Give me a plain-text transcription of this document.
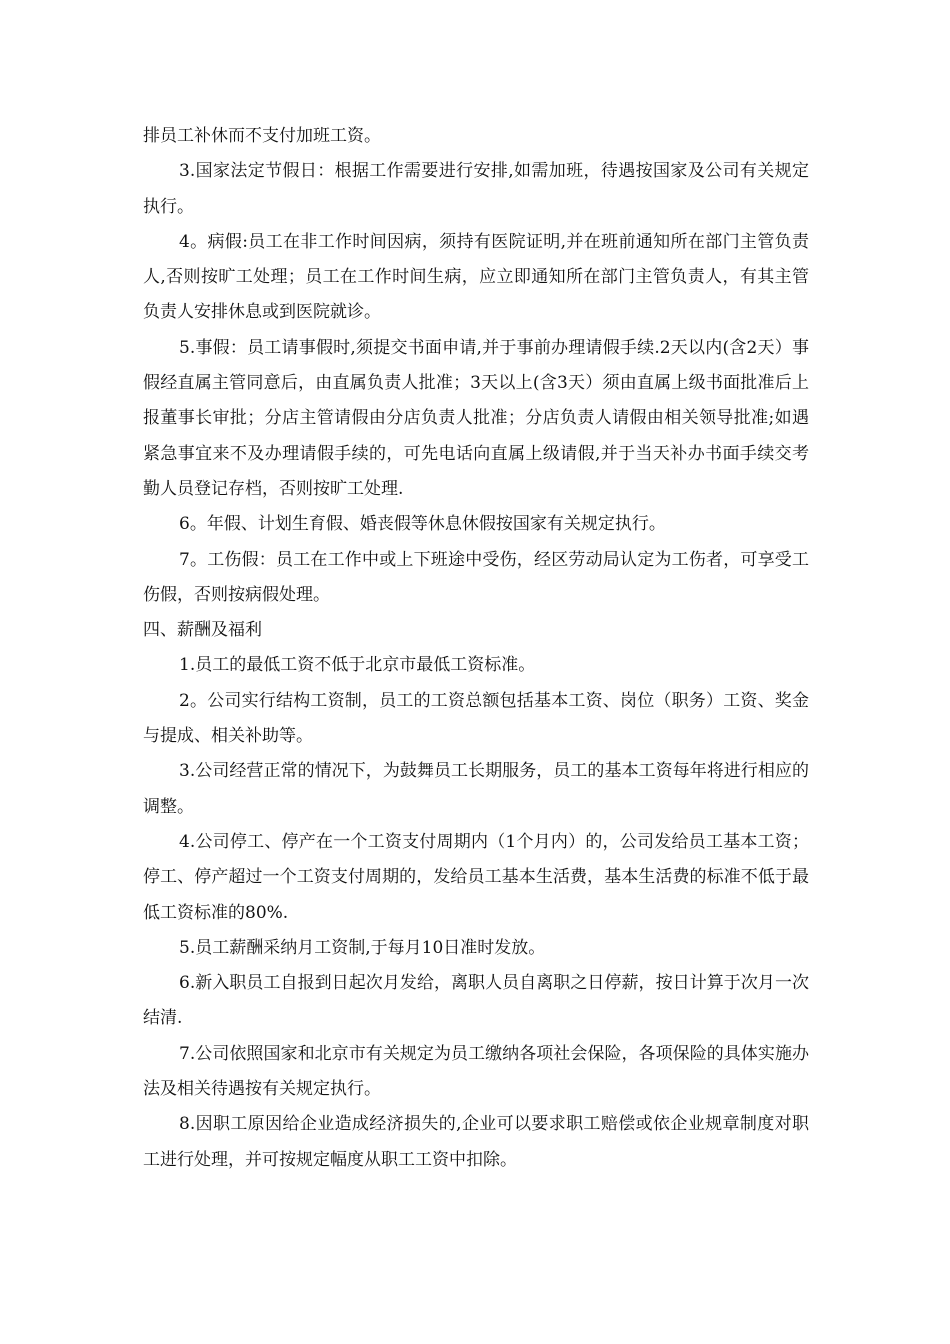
排员工补休而不支付加班工资。

3.国家法定节假日：根据工作需要进行安排,如需加班，待遇按国家及公司有关规定执行。

4。病假:员工在非工作时间因病，须持有医院证明,并在班前通知所在部门主管负责人,否则按旷工处理；员工在工作时间生病，应立即通知所在部门主管负责人，有其主管负责人安排休息或到医院就诊。

5.事假：员工请事假时,须提交书面申请,并于事前办理请假手续.2天以内(含2天）事假经直属主管同意后，由直属负责人批准；3天以上(含3天）须由直属上级书面批准后上报董事长审批；分店主管请假由分店负责人批准；分店负责人请假由相关领导批准;如遇紧急事宜来不及办理请假手续的，可先电话向直属上级请假,并于当天补办书面手续交考勤人员登记存档，否则按旷工处理.

6。年假、计划生育假、婚丧假等休息休假按国家有关规定执行。

7。工伤假：员工在工作中或上下班途中受伤，经区劳动局认定为工伤者，可享受工伤假，否则按病假处理。

四、薪酬及福利

1.员工的最低工资不低于北京市最低工资标准。

2。公司实行结构工资制，员工的工资总额包括基本工资、岗位（职务）工资、奖金与提成、相关补助等。

3.公司经营正常的情况下，为鼓舞员工长期服务，员工的基本工资每年将进行相应的调整。

4.公司停工、停产在一个工资支付周期内（1个月内）的，公司发给员工基本工资；停工、停产超过一个工资支付周期的，发给员工基本生活费，基本生活费的标准不低于最低工资标准的80%.

5.员工薪酬采纳月工资制,于每月10日准时发放。

6.新入职员工自报到日起次月发给，离职人员自离职之日停薪，按日计算于次月一次结清.

7.公司依照国家和北京市有关规定为员工缴纳各项社会保险，各项保险的具体实施办法及相关待遇按有关规定执行。

8.因职工原因给企业造成经济损失的,企业可以要求职工赔偿或依企业规章制度对职工进行处理，并可按规定幅度从职工工资中扣除。
